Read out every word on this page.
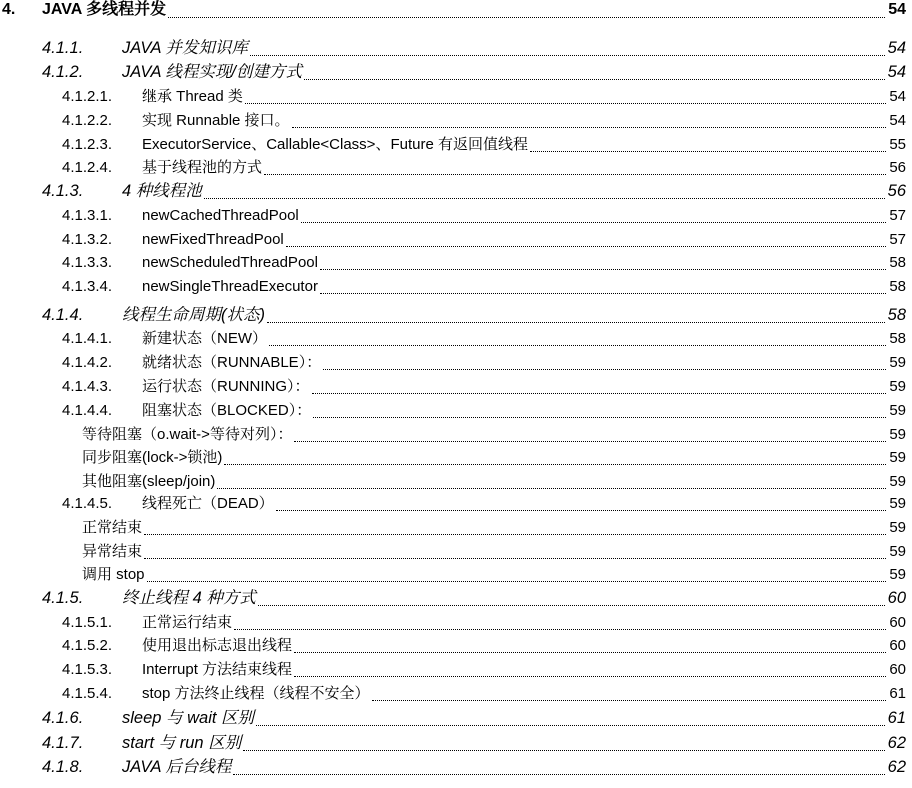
4. JAVA 多线程并发	54
4.1.1. JAVA 并发知识库	54
4.1.2. JAVA 线程实现/创建方式	54
4.1.2.1. 继承 Thread 类	54
4.1.2.2. 实现 Runnable 接口。	54
4.1.2.3. ExecutorService、Callable<Class>、Future 有返回值线程	55
4.1.2.4. 基于线程池的方式	56
4.1.3. 4 种线程池	56
4.1.3.1. newCachedThreadPool	57
4.1.3.2. newFixedThreadPool	57
4.1.3.3. newScheduledThreadPool	58
4.1.3.4. newSingleThreadExecutor	58
4.1.4. 线程生命周期(状态)	58
4.1.4.1. 新建状态（NEW）	58
4.1.4.2. 就绪状态（RUNNABLE）：	59
4.1.4.3. 运行状态（RUNNING）：	59
4.1.4.4. 阻塞状态（BLOCKED）：	59
等待阻塞（o.wait->等待对列）：	59
同步阻塞(lock->锁池)	59
其他阻塞(sleep/join)	59
4.1.4.5. 线程死亡（DEAD）	59
正常结束	59
异常结束	59
调用 stop	59
4.1.5. 终止线程 4 种方式	60
4.1.5.1. 正常运行结束	60
4.1.5.2. 使用退出标志退出线程	60
4.1.5.3. Interrupt 方法结束线程	60
4.1.5.4. stop 方法终止线程（线程不安全）	61
4.1.6. sleep 与 wait 区别	61
4.1.7. start 与 run 区别	62
4.1.8. JAVA 后台线程	62
